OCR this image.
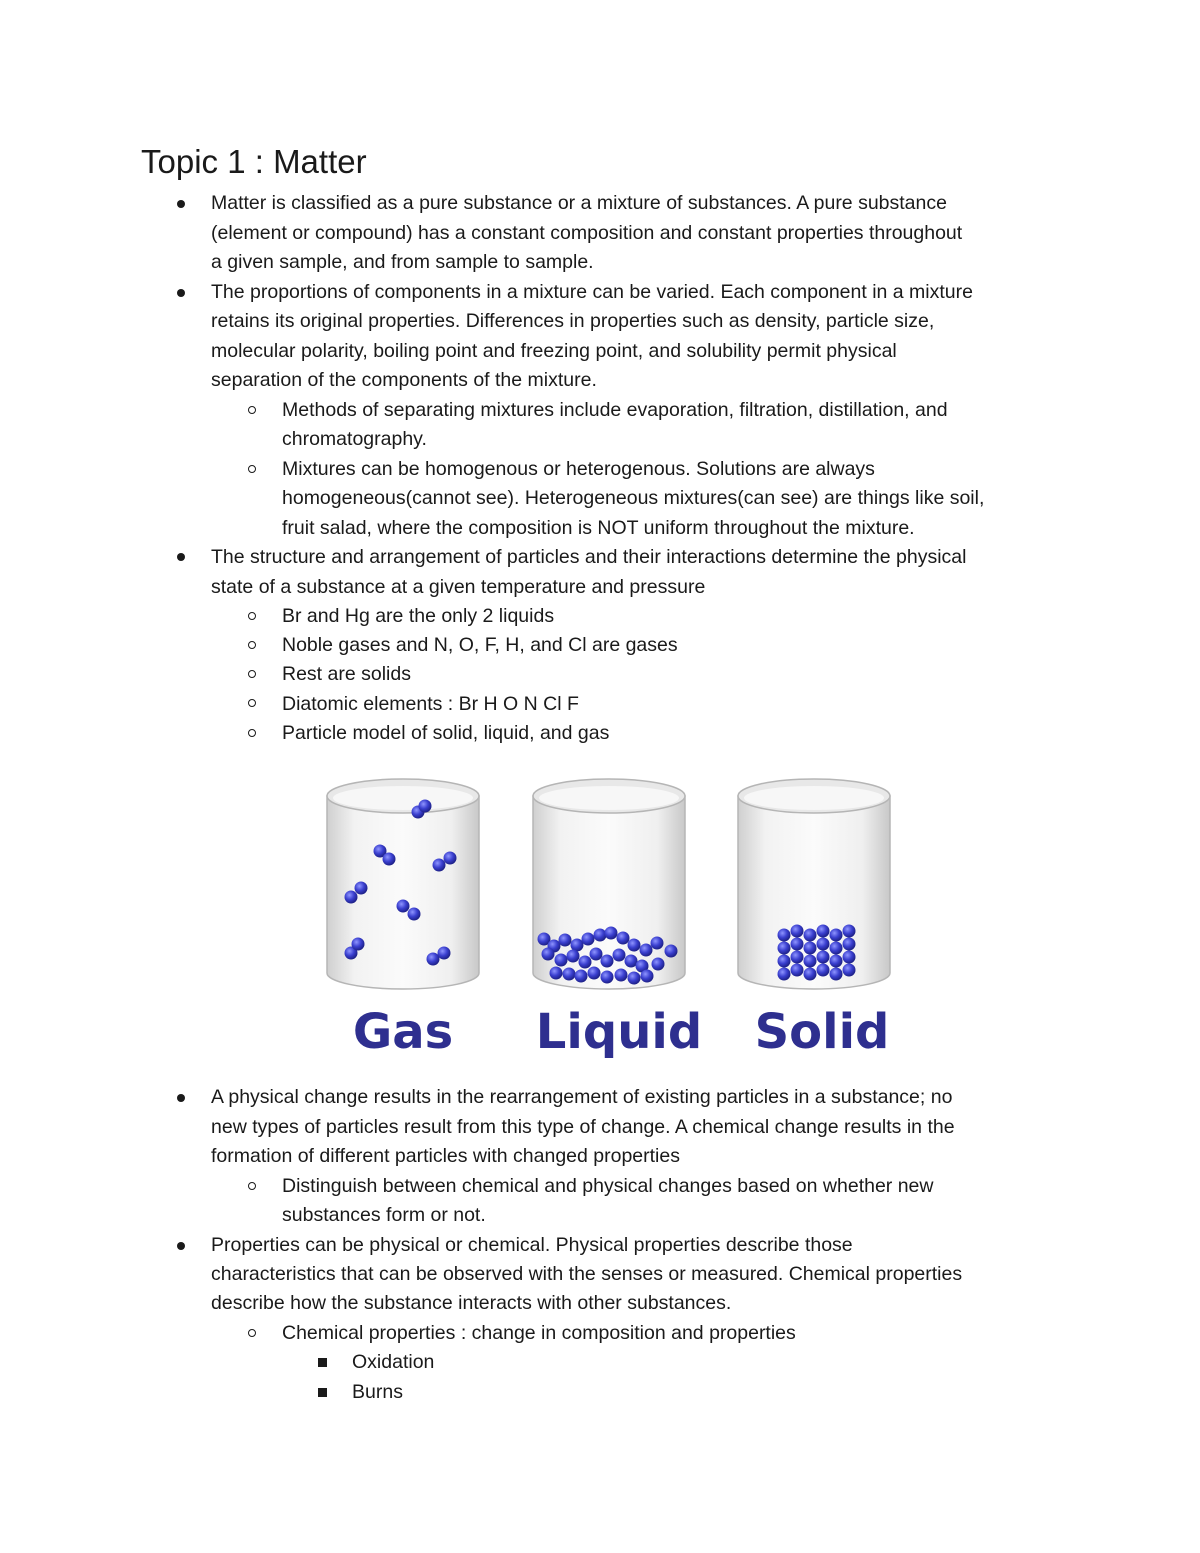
Topic 1 : Matter

Matter is classified as a pure substance or a mixture of substances. A pure substance

(element or compound) has a constant composition and constant properties throughout

a given sample, and from sample to sample.

The proportions of components in a mixture can be varied. Each component in a mixture

retains its original properties. Differences in properties such as density, particle size,

molecular polarity, boiling point and freezing point, and solubility permit physical

separation of the components of the mixture.

Methods of separating mixtures include evaporation, filtration, distillation, and

chromatography.

Mixtures can be homogenous or heterogenous. Solutions are always

homogeneous(cannot see). Heterogeneous mixtures(can see) are things like soil,

fruit salad, where the composition is NOT uniform throughout the mixture.

The structure and arrangement of particles and their interactions determine the physical

state of a substance at a given temperature and pressure

Br and Hg are the only 2 liquids

Noble gases and N, O, F, H, and Cl are gases

Rest are solids

Diatomic elements : Br H O N Cl F

Particle model of solid, liquid, and gas

Gas Liquid Solid

A physical change results in the rearrangement of existing particles in a substance; no

new types of particles result from this type of change. A chemical change results in the

formation of different particles with changed properties

Distinguish between chemical and physical changes based on whether new

substances form or not.

Properties can be physical or chemical. Physical properties describe those

characteristics that can be observed with the senses or measured. Chemical properties

describe how the substance interacts with other substances.

Chemical properties : change in composition and properties

Oxidation

Burns
